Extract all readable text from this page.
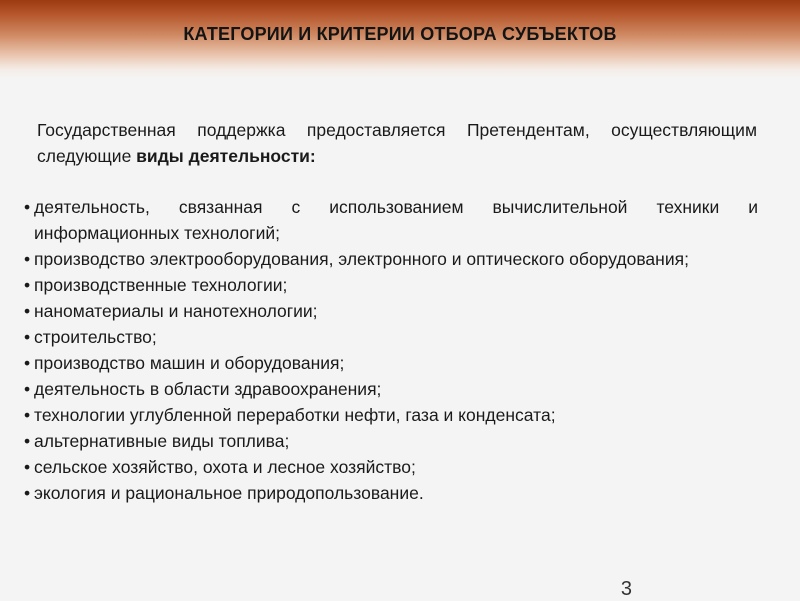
КАТЕГОРИИ И КРИТЕРИИ ОТБОРА СУБЪЕКТОВ
Государственная поддержка предоставляется Претендентам, осуществляющим следующие виды деятельности:
• деятельность, связанная с использованием вычислительной техники и информационных технологий;
• производство электрооборудования, электронного и оптического оборудования;
• производственные технологии;
• наноматериалы и нанотехнологии;
• строительство;
• производство машин и оборудования;
• деятельность в области здравоохранения;
• технологии углубленной переработки нефти, газа и конденсата;
• альтернативные виды топлива;
• сельское хозяйство, охота и лесное хозяйство;
• экология и рациональное природопользование.
3
